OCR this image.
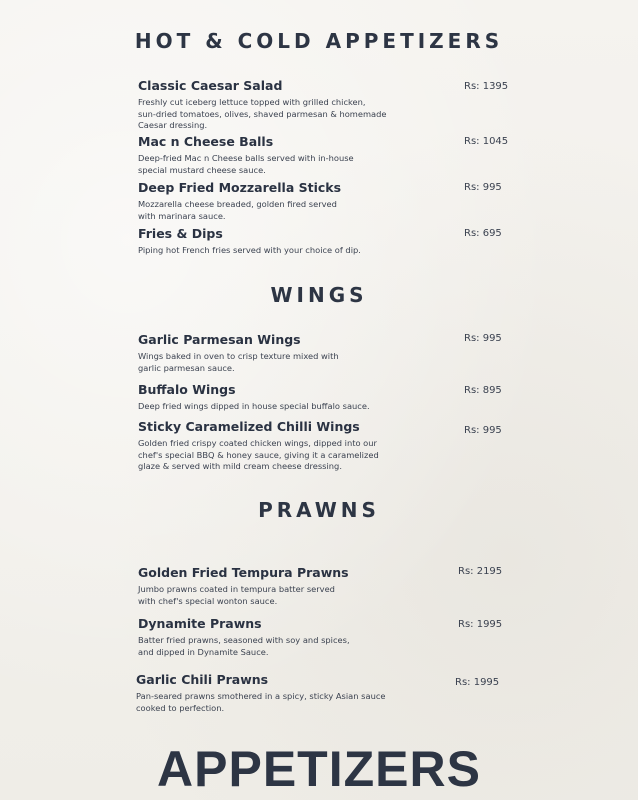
HOT & COLD APPETIZERS
Classic Caesar Salad
Freshly cut iceberg lettuce topped with grilled chicken,
sun-dried tomatoes, olives, shaved parmesan & homemade
Caesar dressing.
Rs: 1395
Mac n Cheese Balls
Deep-fried Mac n Cheese balls served with in-house
special mustard cheese sauce.
Rs: 1045
Deep Fried Mozzarella Sticks
Mozzarella cheese breaded, golden fired served
with marinara sauce.
Rs: 995
Fries & Dips
Piping hot French fries served with your choice of dip.
Rs: 695
WINGS
Garlic Parmesan Wings
Wings baked in oven to crisp texture mixed with
garlic parmesan sauce.
Rs: 995
Buffalo Wings
Deep fried wings dipped in house special buffalo sauce.
Rs: 895
Sticky Caramelized Chilli Wings
Golden fried crispy coated chicken wings, dipped into our
chef's special BBQ & honey sauce, giving it a caramelized
glaze & served with mild cream cheese dressing.
Rs: 995
PRAWNS
Golden Fried Tempura Prawns
Jumbo prawns coated in tempura batter served
with chef's special wonton sauce.
Rs: 2195
Dynamite Prawns
Batter fried prawns, seasoned with soy and spices,
and dipped in Dynamite Sauce.
Rs: 1995
Garlic Chili Prawns
Pan-seared prawns smothered in a spicy, sticky Asian sauce
cooked to perfection.
Rs: 1995
APPETIZERS
